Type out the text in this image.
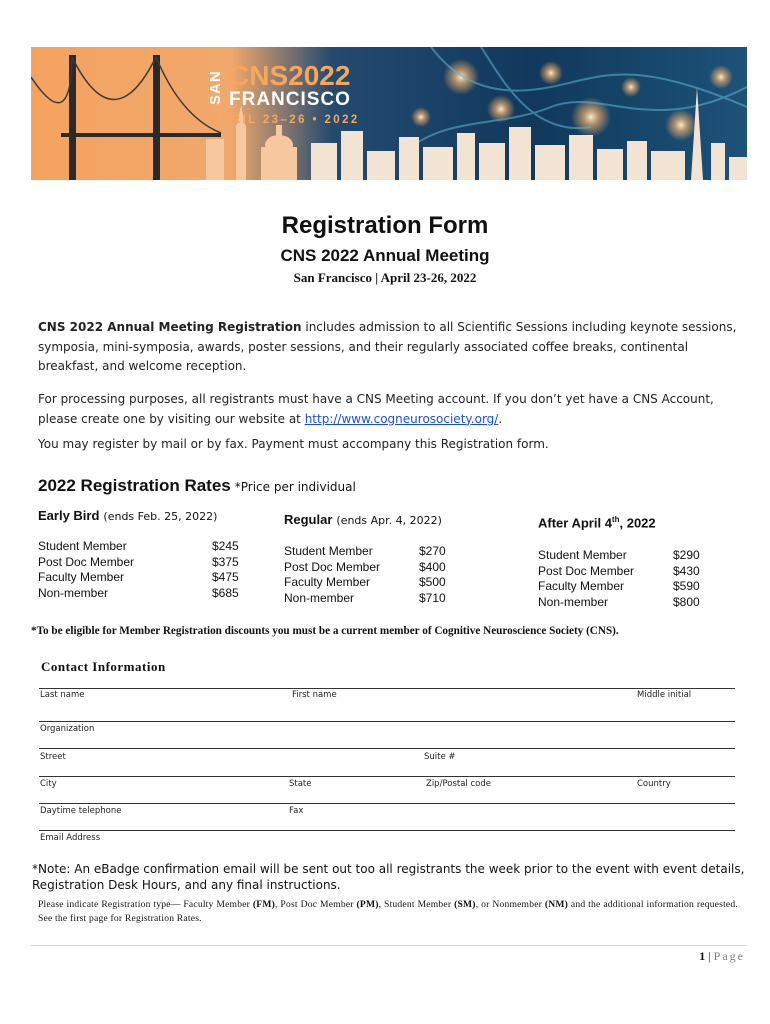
SAN CNS2022
FRANCISCO
APRIL 23–26 • 2022
Registration Form
CNS 2022 Annual Meeting
San Francisco | April 23-26, 2022
CNS 2022 Annual Meeting Registration includes admission to all Scientific Sessions including keynote sessions, symposia, mini-symposia, awards, poster sessions, and their regularly associated coffee breaks, continental breakfast, and welcome reception.
For processing purposes, all registrants must have a CNS Meeting account. If you don’t yet have a CNS Account, please create one by visiting our website at http://www.cogneurosociety.org/.
You may register by mail or by fax. Payment must accompany this Registration form.
2022 Registration Rates *Price per individual
Early Bird (ends Feb. 25, 2022)
Student Member	$245
Post Doc Member	$375
Faculty Member	$475
Non-member	$685
Regular (ends Apr. 4, 2022)
Student Member	$270
Post Doc Member	$400
Faculty Member	$500
Non-member	$710
After April 4th, 2022
Student Member	$290
Post Doc Member	$430
Faculty Member	$590
Non-member	$800
*To be eligible for Member Registration discounts you must be a current member of Cognitive Neuroscience Society (CNS).
Contact Information
Last name	First name	Middle initial
Organization
Street	Suite #
City	State	Zip/Postal code	Country
Daytime telephone	Fax
Email Address
*Note: An eBadge confirmation email will be sent out too all registrants the week prior to the event with event details, Registration Desk Hours, and any final instructions.
Please indicate Registration type— Faculty Member (FM), Post Doc Member (PM), Student Member (SM), or Nonmember (NM) and the additional information requested. See the first page for Registration Rates.
1 | Page
